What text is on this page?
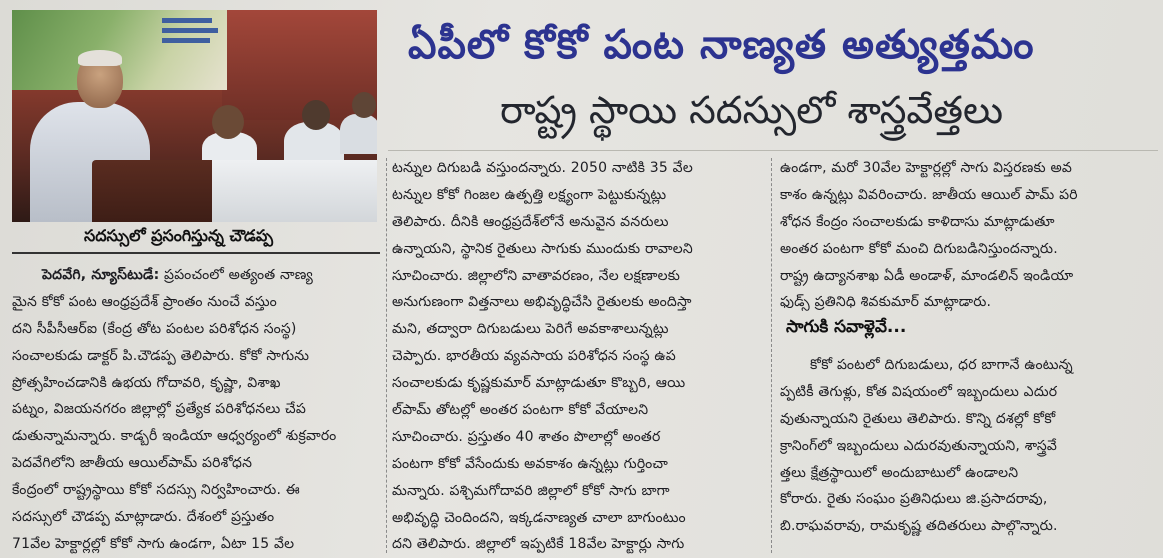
సదస్సులో ప్రసంగిస్తున్న చౌడప్ప
ఏపీలో కోకో పంట నాణ్యత అత్యుత్తమం
రాష్ట్ర స్థాయి సదస్సులో శాస్త్రవేత్తలు
పెదవేగి, న్యూస్‌టుడే: ప్రపంచంలో అత్యంత నాణ్య
మైన కోకో పంట ఆంధ్రప్రదేశ్ ప్రాంతం నుంచే వస్తుం
దని సీపీసీఆర్ఐ (కేంద్ర తోట పంటల పరిశోధన సంస్థ)
సంచాలకుడు డాక్టర్ పి.చౌడప్ప తెలిపారు. కోకో సాగును
ప్రోత్సహించడానికి ఉభయ గోదావరి, కృష్ణా, విశాఖ
పట్నం, విజయనగరం జిల్లాల్లో ప్రత్యేక పరిశోధనలు చేప
డుతున్నామన్నారు. కాడ్బరీ ఇండియా ఆధ్వర్యంలో శుక్రవారం
పెదవేగిలోని జాతీయ ఆయిల్‌పామ్ పరిశోధన
కేంద్రంలో రాష్ట్రస్థాయి కోకో సదస్సు నిర్వహించారు. ఈ
సదస్సులో చౌడప్ప మాట్లాడారు. దేశంలో ప్రస్తుతం
71వేల హెక్టార్లల్లో కోకో సాగు ఉండగా, ఏటా 15 వేల
టన్నుల దిగుబడి వస్తుందన్నారు. 2050 నాటికి 35 వేల
టన్నుల కోకో గింజల ఉత్పత్తి లక్ష్యంగా పెట్టుకున్నట్లు
తెలిపారు. దీనికి ఆంధ్రప్రదేశ్‌లోనే అనువైన వనరులు
ఉన్నాయని, స్థానిక రైతులు సాగుకు ముందుకు రావాలని
సూచించారు. జిల్లాలోని వాతావరణం, నేల లక్షణాలకు
అనుగుణంగా విత్తనాలు అభివృద్ధిచేసి రైతులకు అందిస్తా
మని, తద్వారా దిగుబడులు పెరిగే అవకాశాలున్నట్లు
చెప్పారు. భారతీయ వ్యవసాయ పరిశోధన సంస్థ ఉప
సంచాలకుడు కృష్ణకుమార్ మాట్లాడుతూ కొబ్బరి, ఆయి
ల్‌పామ్ తోటల్లో అంతర పంటగా కోకో వేయాలని
సూచించారు. ప్రస్తుతం 40 శాతం పొలాల్లో అంతర
పంటగా కోకో వేసేందుకు అవకాశం ఉన్నట్లు గుర్తించా
మన్నారు. పశ్చిమగోదావరి జిల్లాలో కోకో సాగు బాగా
అభివృద్ధి చెందిందని, ఇక్కడనాణ్యత చాలా బాగుంటుం
దని తెలిపారు. జిల్లాలో ఇప్పటికే 18వేల హెక్టార్లు సాగు
ఉండగా, మరో 30వేల హెక్టార్లల్లో సాగు విస్తరణకు అవ
కాశం ఉన్నట్లు వివరించారు. జాతీయ ఆయిల్ పామ్ పరి
శోధన కేంద్రం సంచాలకుడు కాళిదాసు మాట్లాడుతూ
అంతర పంటగా కోకో మంచి దిగుబడినిస్తుందన్నారు.
రాష్ట్ర ఉద్యానశాఖ ఏడీ అండాళ్, మాండలిన్ ఇండియా
ఫుడ్స్ ప్రతినిధి శివకుమార్ మాట్లాడారు.
సాగుకి సవాళ్లెవే...
కోకో పంటలో దిగుబడులు, ధర బాగానే ఉంటున్న
ప్పటికీ తెగుళ్లు, కోత విషయంలో ఇబ్బందులు ఎదుర
వుతున్నాయని రైతులు తెలిపారు. కొన్ని దశల్లో కోకో
క్రానింగ్‌లో ఇబ్బందులు ఎదురవుతున్నాయని, శాస్త్రవే
త్తలు క్షేత్రస్థాయిలో అందుబాటులో ఉండాలని
కోరారు. రైతు సంఘం ప్రతినిధులు జి.ప్రసాదరావు,
బి.రాఘవరావు, రామకృష్ణ తదితరులు పాల్గొన్నారు.
